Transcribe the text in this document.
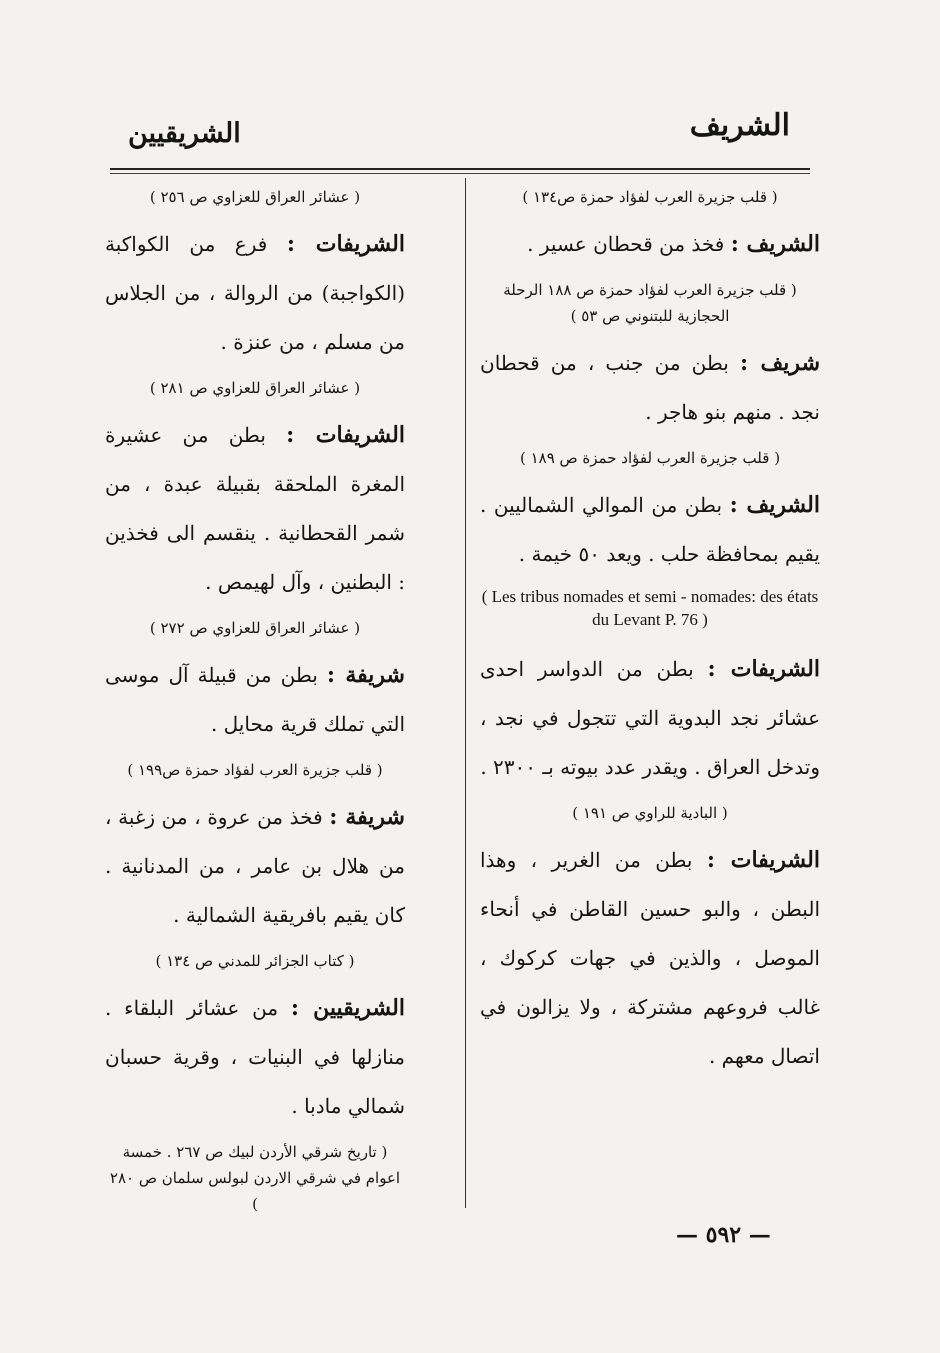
الشريف
الشريقيين
( قلب جزيرة العرب لفؤاد حمزة ص١٣٤ )

الشريف : فخذ من قحطان عسير .

( قلب جزيرة العرب لفؤاد حمزة ص ١٨٨ الرحلة الحجازية للبتنوني ص ٥٣ )

شريف : بطن من جنب ، من قحطان نجد . منهم بنو هاجر .

( قلب جزيرة العرب لفؤاد حمزة ص ١٨٩ )

الشريف : بطن من الموالي الشماليين . يقيم بمحافظة حلب . ويعد ٥٠ خيمة .

( Les tribus nomades et semi - nomades: des états du Levant P. 76 )

الشريفات : بطن من الدواسر احدى عشائر نجد البدوية التي تتجول في نجد ، وتدخل العراق . ويقدر عدد بيوته بـ ٢٣٠٠ .

( البادية للراوي ص ١٩١ )

الشريفات : بطن من الغرير ، وهذا البطن ، والبو حسين القاطن في أنحاء الموصل ، والذين في جهات كركوك ، غالب فروعهم مشتركة ، ولا يزالون في اتصال معهم .

( عشائر العراق للعزاوي ص ٢٥٦ )

الشريفات : فرع من الكواكبة (الكواجبة) من الروالة ، من الجلاس من مسلم ، من عنزة .

( عشائر العراق للعزاوي ص ٢٨١ )

الشريفات : بطن من عشيرة المغرة الملحقة بقبيلة عبدة ، من شمر القحطانية . ينقسم الى فخذين : البطنين ، وآل لهيمص .

( عشائر العراق للعزاوي ص ٢٧٢ )

شريفة : بطن من قبيلة آل موسى التي تملك قرية محايل .

( قلب جزيرة العرب لفؤاد حمزة ص١٩٩ )

شريفة : فخذ من عروة ، من زغبة ، من هلال بن عامر ، من المدنانية . كان يقيم بافريقية الشمالية .

( كتاب الجزائر للمدني ص ١٣٤ )

الشريقيين : من عشائر البلقاء . منازلها في البنيات ، وقرية حسبان شمالي مادبا .

( تاريخ شرقي الأردن لبيك ص ٢٦٧ . خمسة اعوام في شرقي الاردن لبولس سلمان ص ٢٨٠ )
— ٥٩٢ —
